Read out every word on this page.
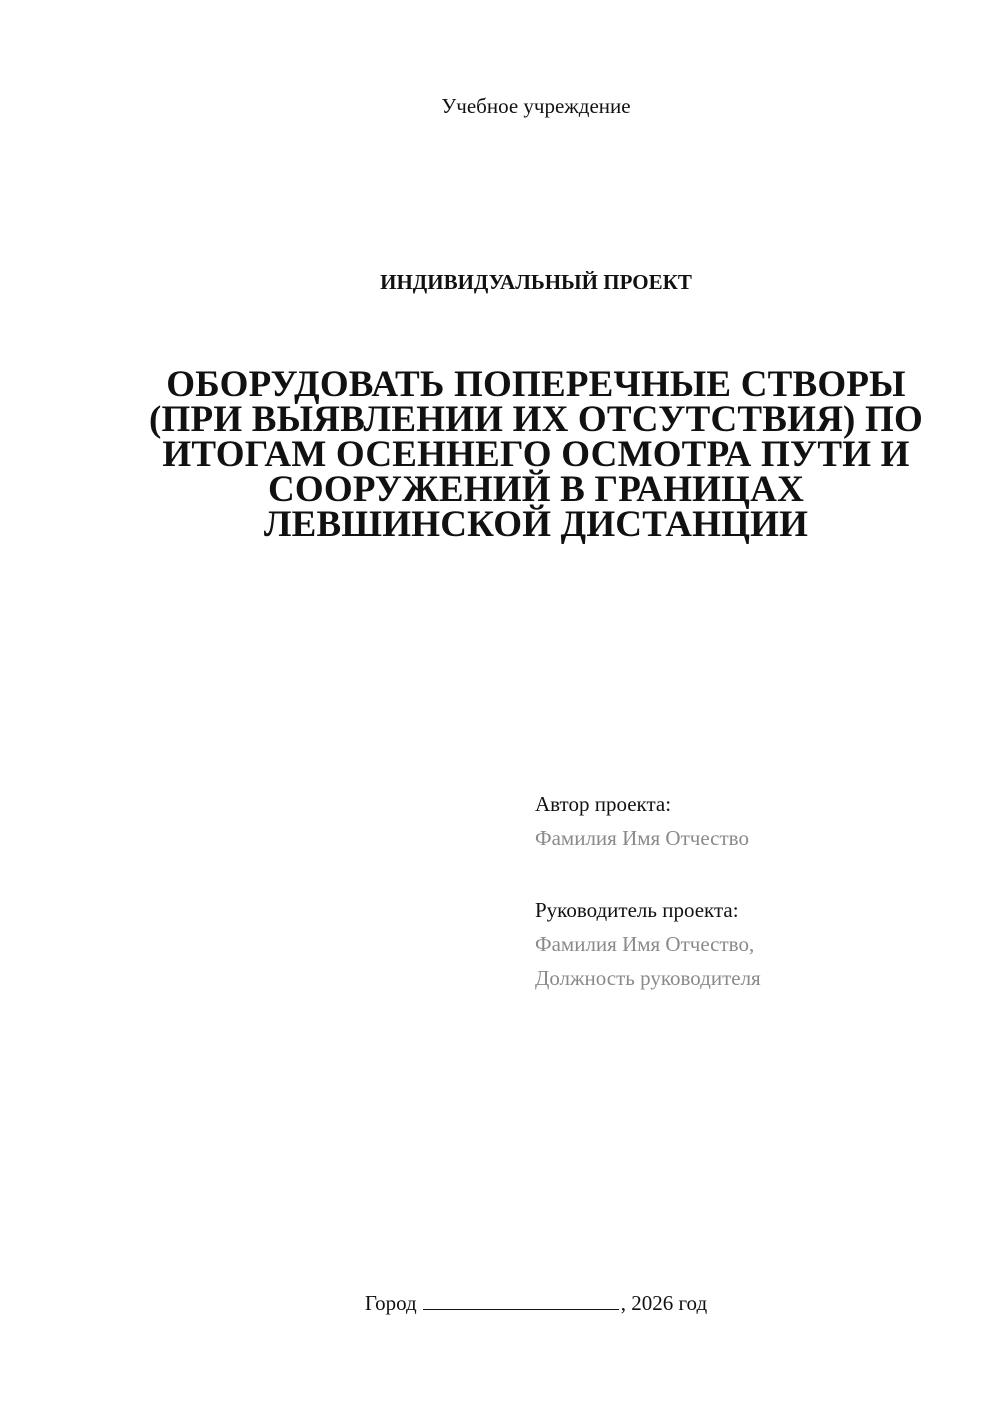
Учебное учреждение
ИНДИВИДУАЛЬНЫЙ ПРОЕКТ
ОБОРУДОВАТЬ ПОПЕРЕЧНЫЕ СТВОРЫ (ПРИ ВЫЯВЛЕНИИ ИХ ОТСУТСТВИЯ) ПО ИТОГАМ ОСЕННЕГО ОСМОТРА ПУТИ И СООРУЖЕНИЙ В ГРАНИЦАХ ЛЕВШИНСКОЙ ДИСТАНЦИИ
Автор проекта:
Фамилия Имя Отчество
Руководитель проекта:
Фамилия Имя Отчество,
Должность руководителя
Город	, 2026 год
